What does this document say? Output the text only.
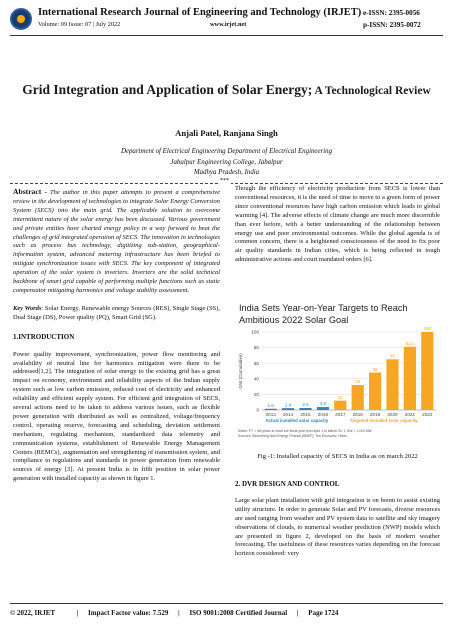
International Research Journal of Engineering and Technology (IRJET)
Volume: 09 Issue: 07 | July 2022	www.irjet.net
e-ISSN: 2395-0056
p-ISSN: 2395-0072
Grid Integration and Application of Solar Energy; A Technological Review
Anjali Patel, Ranjana Singh
Department of Electrical Engineering Department of Electrical Engineering
Jabalpur Engineering College, Jabalpur
Madhya Pradesh, India
***

Abstract - The author in this paper attempts to present a comprehensive review in the development of technologies to integrate Solar Energy Conversion System (SECS) into the main grid. The applicable solution to overcome intermittent nature of the solar energy has been discussed. Various government and private entities have charted energy policy in a way forward to beat the challenges of grid integrated operation of SECS. The innovation in technologies such as process bus technology, digitizing sub-station, geographical-information system, advanced metering infrastructure has been briefed to mitigate synchronization issues with SECS. The key component of integrated operation of the solar system is inverters. Inverters are the solid technical backbone of smart grid capable of performing multiple functions such as static compensator mitigating harmonics and voltage stability assessment.

Key Words: Solar Energy, Renewable energy Sources (RES), Single Stage (SS), Dual Stage (DS), Power quality (PQ), Smart Grid (SG).

1.INTRODUCTION

Power quality improvement, synchronization, power flow monitoring and availability of neutral line for harmonics mitigation were there to be addressed[1,2]. The integration of solar energy to the existing grid has a great impact on economy, environment and reliability aspects of the Indian supply system such as low carbon emission, reduced cost of electricity and enhanced reliability and efficient supply system. For efficient grid integration of SECS, several actions need to be taken to address various issues, such as flexible power generation with distributed as well as centralized, voltage/frequency control, operating reserve, forecasting and scheduling, deviation settlement mechanism, regulating mechanism, standardized data telemetry and communication systems, establishment of Renewable Energy Management Centers (REMCs), augmentation and strengthening of transmission system, and compliance to regulations and standards in power generation from renewable sources of energy [3]. At present India is in fifth position in solar power generation with installed capacity as shown in figure 1.

Though the efficiency of electricity production from SECS is lower than conventional resources, it is the need of time to move to a green form of power since conventional resources have high carbon emission which leads to global warming [4]. The adverse effects of climate change are much more discernible than ever before, with a better understanding of the relationship between energy use and poor environmental outcomes. While the global agenda is of common concern, there is a heightened consciousness of the need to fix poor air quality standards in Indian cities, which is being reflected in tough administrative actions and court mandated orders [6].

India Sets Year-on-Year Targets to Reach Ambitious 2022 Solar Goal
GW (Cumulative)
0
20
40
60
80
100
1.6
2013
2.4
2014
2.6
2015
3.8
2016
12
2017
32
2018
48
2019
65
2020
81.1
2021
100
2022
Actual installed solar capacity	Targeted installed solar capacity
Notes: FY = 4th years in chart are fiscal year from April 1 to March 31; 1 GW = 1,000 MW
Sources: Bloomberg New Energy Finance (BNEF); The Economic Times
Fig -1: Installed capacity of SECS in India as on march 2022

2. DVR DESIGN AND CONTROL

Large solar plant installation with grid integration is on boom to assist existing utility structure. In order to generate Solar and PV forecasts, diverse resources are used ranging from weather and PV system data to satellite and sky imagery observations of clouds, to numerical weather prediction (NWP) models which are presented in figure 2, developed on the basis of modern weather forecasting. The usefulness of these resources varies depending on the forecast horizon considered: very

© 2022, IRJET	| Impact Factor value: 7.529 | ISO 9001:2008 Certified Journal | Page 1724
